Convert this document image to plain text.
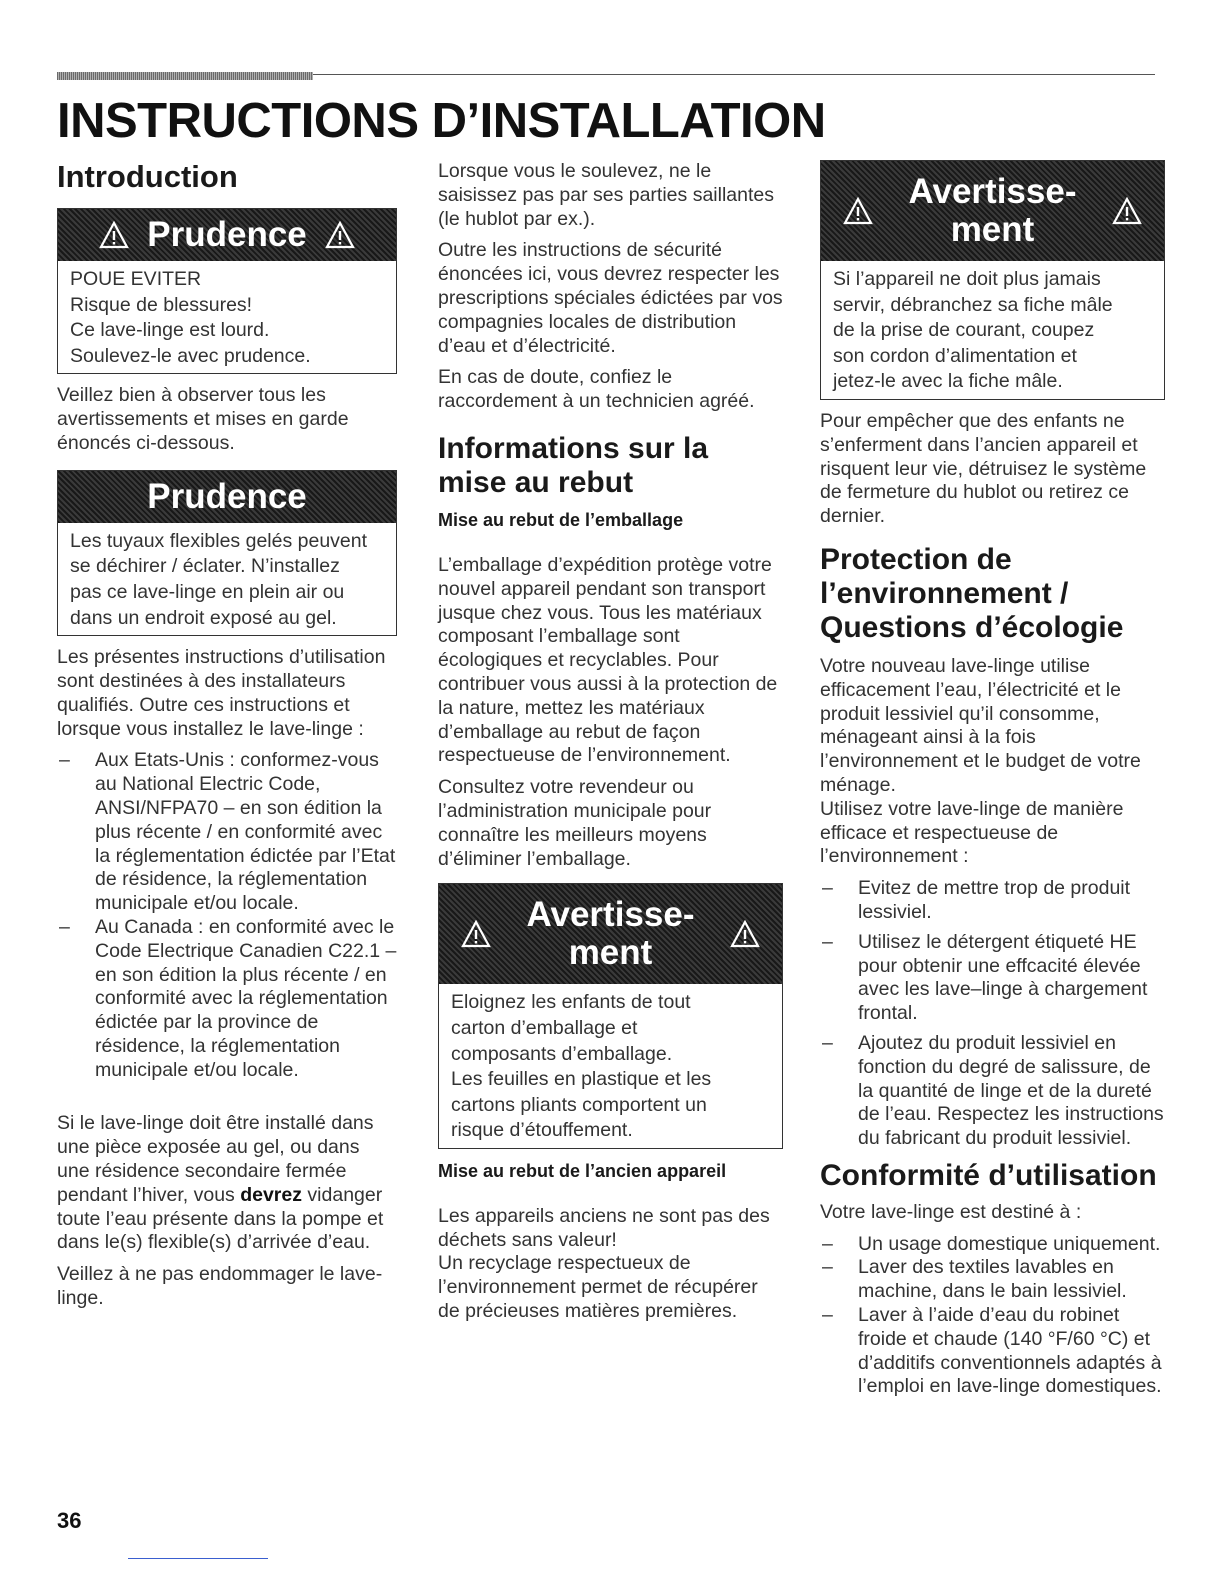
INSTRUCTIONS D’INSTALLATION
Introduction
Prudence

POUE EVITER

Risque de blessures!

Ce lave-linge est lourd.

Soulevez-le avec prudence.

Veillez bien à observer tous les avertissements et mises en garde énoncés ci-dessous.

Prudence

Les tuyaux flexibles gelés peuvent

se déchirer / éclater. N’installez

pas ce lave-linge en plein air ou

dans un endroit exposé au gel.

Les présentes instructions d’utilisation sont destinées à des installateurs qualifiés. Outre ces instructions et lorsque vous installez le lave-linge :

– Aux Etats-Unis : conformez-vous au National Electric Code, ANSI/NFPA70 – en son édition la plus récente / en conformité avec la réglementation édictée par l’Etat de résidence, la réglementation municipale et/ou locale.
– Au Canada : en conformité avec le Code Electrique Canadien C22.1 – en son édition la plus récente / en conformité avec la réglementation édictée par la province de résidence, la réglementation municipale et/ou locale.

Si le lave-linge doit être installé dans une pièce exposée au gel, ou dans une résidence secondaire fermée pendant l’hiver, vous devrez vidanger toute l’eau présente dans la pompe et dans le(s) flexible(s) d’arrivée d’eau.

Veillez à ne pas endommager le lave-linge.

Lorsque vous le soulevez, ne le saisissez pas par ses parties saillantes (le hublot par ex.).

Outre les instructions de sécurité énoncées ici, vous devrez respecter les prescriptions spéciales édictées par vos compagnies locales de distribution d’eau et d’électricité.

En cas de doute, confiez le raccordement à un technicien agréé.

Informations sur la mise au rebut
Mise au rebut de l’emballage

L’emballage d’expédition protège votre nouvel appareil pendant son transport jusque chez vous. Tous les matériaux composant l’emballage sont écologiques et recyclables. Pour contribuer vous aussi à la protection de la nature, mettez les matériaux d’emballage au rebut de façon respectueuse de l’environnement.

Consultez votre revendeur ou l’administration municipale pour connaître les meilleurs moyens d’éliminer l’emballage.

Avertisse-
ment

Eloignez les enfants de tout

carton d’emballage et

composants d’emballage.

Les feuilles en plastique et les

cartons pliants comportent un

risque d’étouffement.

Mise au rebut de l’ancien appareil

Les appareils anciens ne sont pas des déchets sans valeur!

Un recyclage respectueux de l’environnement permet de récupérer de précieuses matières premières.

Avertisse-
ment

Si l’appareil ne doit plus jamais

servir, débranchez sa fiche mâle

de la prise de courant, coupez

son cordon d’alimentation et

jetez-le avec la fiche mâle.

Pour empêcher que des enfants ne s’enferment dans l’ancien appareil et risquent leur vie, détruisez le système de fermeture du hublot ou retirez ce dernier.

Protection de l’environnement / Questions d’écologie

Votre nouveau lave-linge utilise efficacement l’eau, l’électricité et le produit lessiviel qu’il consomme, ménageant ainsi à la fois l’environnement et le budget de votre ménage.

Utilisez votre lave-linge de manière efficace et respectueuse de l’environnement :

– Evitez de mettre trop de produit lessiviel.
– Utilisez le détergent étiqueté HE pour obtenir une effcacité élevée avec les lave–linge à chargement frontal.
– Ajoutez du produit lessiviel en fonction du degré de salissure, de la quantité de linge et de la dureté de l’eau. Respectez les instructions du fabricant du produit lessiviel.
Conformité d’utilisation

Votre lave-linge est destiné à :

– Un usage domestique uniquement.
– Laver des textiles lavables en machine, dans le bain lessiviel.
– Laver à l’aide d’eau du robinet froide et chaude (140 °F/60 °C) et d’additifs conventionnels adaptés à l’emploi en lave-linge domestiques.
36
